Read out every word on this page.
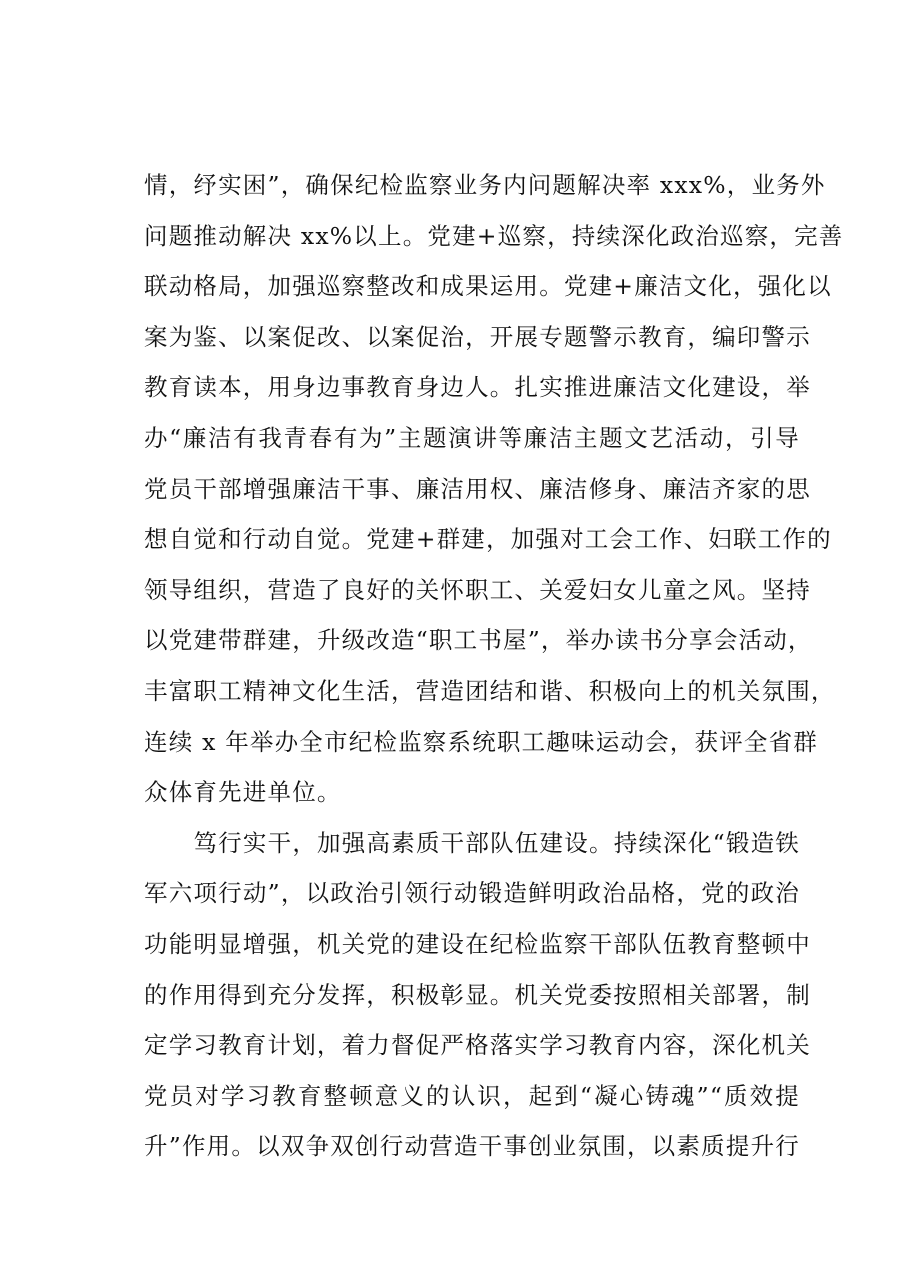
情，纾实困”，确保纪检监察业务内问题解决率 xxx%，业务外
问题推动解决 xx%以上。党建+巡察，持续深化政治巡察，完善
联动格局，加强巡察整改和成果运用。党建+廉洁文化，强化以
案为鉴、以案促改、以案促治，开展专题警示教育，编印警示
教育读本，用身边事教育身边人。扎实推进廉洁文化建设，举
办“廉洁有我青春有为”主题演讲等廉洁主题文艺活动，引导
党员干部增强廉洁干事、廉洁用权、廉洁修身、廉洁齐家的思
想自觉和行动自觉。党建+群建，加强对工会工作、妇联工作的
领导组织，营造了良好的关怀职工、关爱妇女儿童之风。坚持
以党建带群建，升级改造“职工书屋”，举办读书分享会活动，
丰富职工精神文化生活，营造团结和谐、积极向上的机关氛围，
连续 x 年举办全市纪检监察系统职工趣味运动会，获评全省群
众体育先进单位。
　　笃行实干，加强高素质干部队伍建设。持续深化“锻造铁
军六项行动”，以政治引领行动锻造鲜明政治品格，党的政治
功能明显增强，机关党的建设在纪检监察干部队伍教育整顿中
的作用得到充分发挥，积极彰显。机关党委按照相关部署，制
定学习教育计划，着力督促严格落实学习教育内容，深化机关
党员对学习教育整顿意义的认识，起到“凝心铸魂”“质效提
升”作用。以双争双创行动营造干事创业氛围，以素质提升行
